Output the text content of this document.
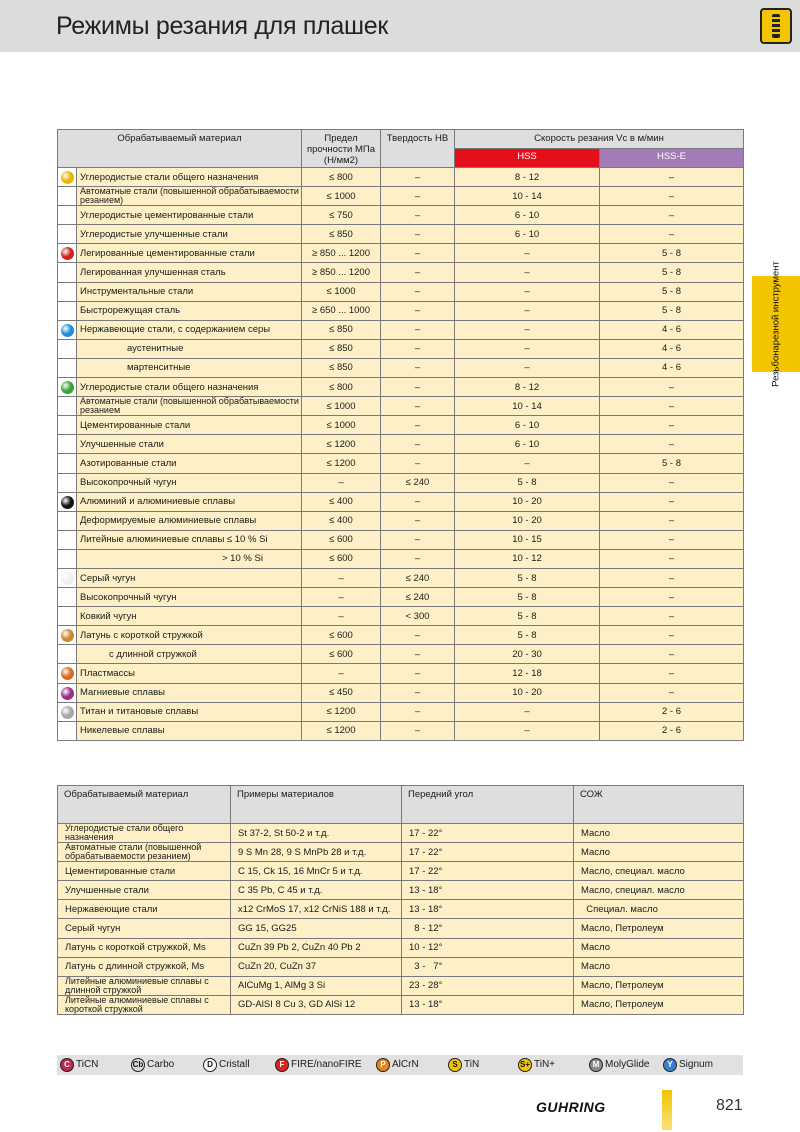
Режимы резания для плашек
Резьбонарезной инструмент
Обрабатываемый материал		Предел прочности МПа (Н/мм2)	Твердость HB	Скорость резания Vc в м/мин	
				HSS	HSS-E

	Углеродистые стали общего назначения	≤ 800	–	8 - 12	–
	Автоматные стали (повышенной обрабатываемости резанием)	≤ 1000	–	10 - 14	–
	Углеродистые цементированные стали	≤ 750	–	6 - 10	–
	Углеродистые улучшенные стали	≤ 850	–	6 - 10	–

	Легированные цементированные стали	≥ 850 ... 1200	–	–	5 - 8
	Легированная улучшенная сталь	≥ 850 ... 1200	–	–	5 - 8
	Инструментальные стали	≤ 1000	–	–	5 - 8
	Быстрорежущая сталь	≥ 650 ... 1000	–	–	5 - 8

	Нержавеющие стали, с содержанием серы	≤ 850	–	–	4 - 6
	аустенитные	≤ 850	–	–	4 - 6
	мартенситные	≤ 850	–	–	4 - 6

	Углеродистые стали общего назначения	≤ 800	–	8 - 12	–
	Автоматные стали (повышенной обрабатываемости резанием	≤ 1000	–	10 - 14	–
	Цементированные стали	≤ 1000	–	6 - 10	–
	Улучшенные стали	≤ 1200	–	6 - 10	–
	Азотированные стали	≤ 1200	–	–	5 - 8
	Высокопрочный чугун	–	≤ 240	5 - 8	–

	Алюминий и алюминиевые сплавы	≤ 400	–	10 - 20	–
	Деформируемые алюминиевые сплавы	≤ 400	–	10 - 20	–
	Литейные алюминиевые сплавы ≤ 10 % Si	≤ 600	–	10 - 15	–
	> 10 % Si	≤ 600	–	10 - 12	–

	Серый чугун	–	≤ 240	5 - 8	–
	Высокопрочный чугун	–	≤ 240	5 - 8	–
	Ковкий чугун	–	< 300	5 - 8	–

	Латунь с короткой стружкой	≤ 600	–	5 - 8	–
	с длинной стружкой	≤ 600	–	20 - 30	–

	Пластмассы	–	–	12 - 18	–

	Магниевые сплавы	≤ 450	–	10 - 20	–

	Титан и титановые сплавы	≤ 1200	–	–	2 - 6
	Никелевые сплавы	≤ 1200	–	–	2 - 6
Обрабатываемый материал	Примеры материалов	Передний угол	СОЖ
Углеродистые стали общего назначения	St 37-2, St 50-2 и т.д.	17 - 22°	Масло
Автоматные стали (повышенной обрабатываемости резанием)	9 S Mn 28, 9 S MnPb 28 и т.д.	17 - 22°	Масло
Цементированные стали	C 15, Ck 15, 16 MnCr 5 и т.д.	17 - 22°	Масло, специал. масло
Улучшенные стали	C 35 Pb, C 45 и т.д.	13 - 18°	Масло, специал. масло
Нержавеющие стали	x12 CrMoS 17, x12 CrNiS 188 и т.д.	13 - 18°	Специал. масло
Серый чугун	GG 15, GG25	8 - 12°	Масло, Петролеум
Латунь с короткой стружкой, Ms	CuZn 39 Pb 2, CuZn 40 Pb 2	10 - 12°	Масло
Латунь с длинной стружкой, Ms	CuZn 20, CuZn 37	3 -   7°	Масло
Литейные алюминиевые сплавы с длинной стружкой	AlCuMg 1, AlMg 3 Si	23 - 28°	Масло, Петролеум
Литейные алюминиевые сплавы с короткой стружкой	GD-AlSI 8 Cu 3, GD AlSi 12	13 - 18°	Масло, Петролеум
C TiCN	Cb Carbo	D Cristall	F FIRE/nanoFIRE	P AlCrN	S TiN	S+ TiN+	M MolyGlide	Y Signum
GUHRING	821
